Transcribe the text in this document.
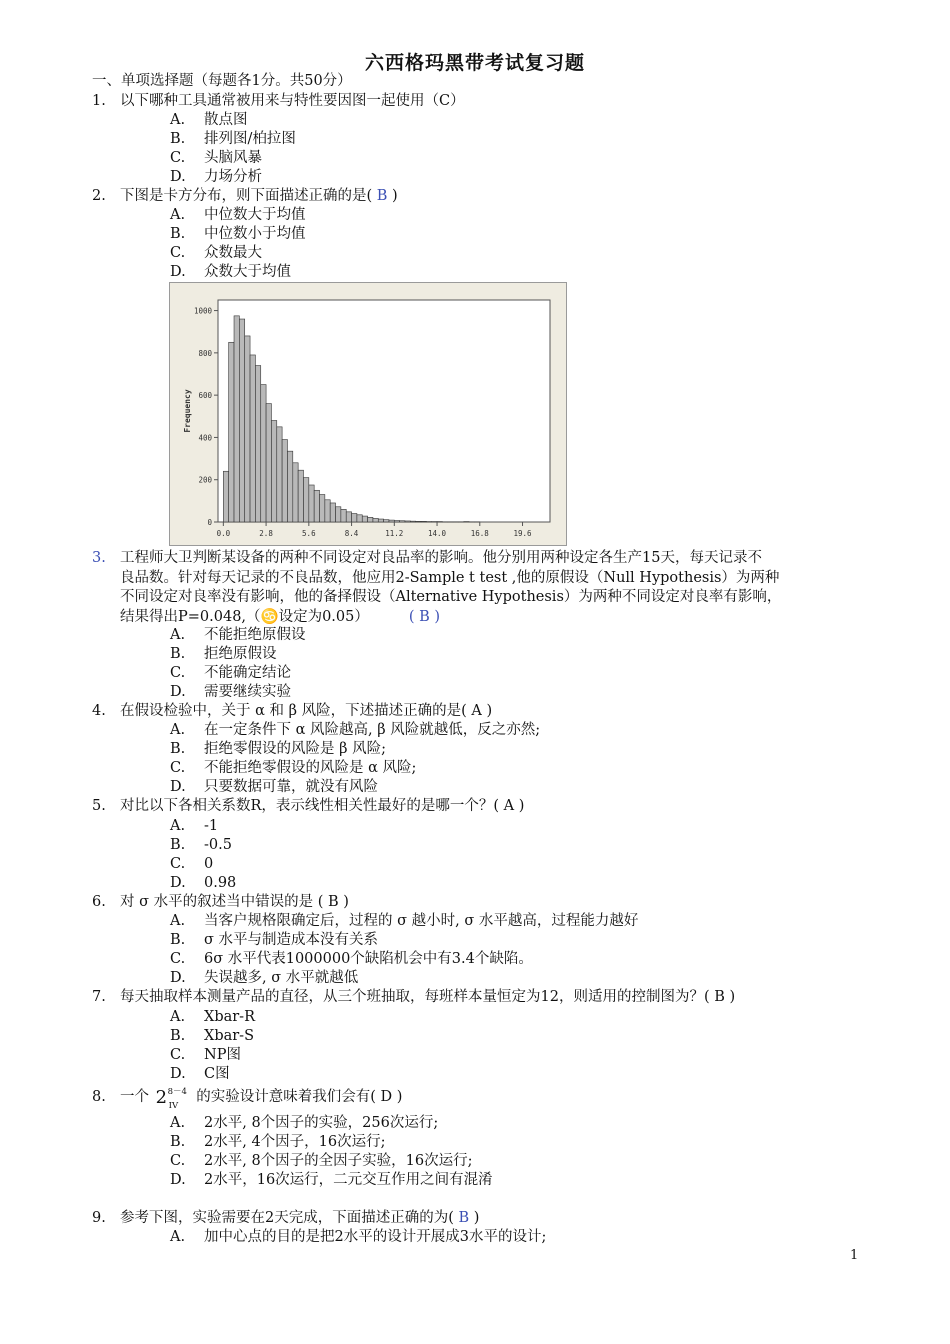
六西格玛黑带考试复习题
一、单项选择题（每题各1分。共50分）
1. 以下哪种工具通常被用来与特性要因图一起使用（C）
A. 散点图
B. 排列图/柏拉图
C. 头脑风暴
D. 力场分析
2. 下图是卡方分布，则下面描述正确的是( B )
A. 中位数大于均值
B. 中位数小于均值
C. 众数最大
D. 众数大于均值
0
200
400
600
800
1000
0.0	2.8	5.6	8.4	11.2	14.0	16.8	19.6
Frequency
3. 工程师大卫判断某设备的两种不同设定对良品率的影响。他分别用两种设定各生产15天，每天记录不
良品数。针对每天记录的不良品数，他应用2-Sample t test ,他的原假设（Null Hypothesis）为两种
不同设定对良率没有影响，他的备择假设（Alternative Hypothesis）为两种不同设定对良率有影响，
结果得出P=0.048,（♋设定为0.05）	( B )
A. 不能拒绝原假设
B. 拒绝原假设
C. 不能确定结论
D. 需要继续实验
4. 在假设检验中，关于 α 和 β 风险，下述描述正确的是( A )
A. 在一定条件下 α 风险越高, β 风险就越低，反之亦然;
B. 拒绝零假设的风险是 β 风险;
C. 不能拒绝零假设的风险是 α 风险;
D. 只要数据可靠，就没有风险
5. 对比以下各相关系数R，表示线性相关性最好的是哪一个？( A )
A. -1
B. -0.5
C. 0
D. 0.98
6. 对 σ 水平的叙述当中错误的是 ( B )
A. 当客户规格限确定后，过程的 σ 越小时, σ 水平越高，过程能力越好
B. σ 水平与制造成本没有关系
C. 6σ 水平代表1000000个缺陷机会中有3.4个缺陷。
D. 失误越多, σ 水平就越低
7. 每天抽取样本测量产品的直径，从三个班抽取，每班样本量恒定为12，则适用的控制图为？( B )
A. Xbar-R
B. Xbar-S
C. NP图
D. C图
8. 一个 2 8－4
IV
的实验设计意味着我们会有( D )
A. 2水平, 8个因子的实验，256次运行;
B. 2水平, 4个因子，16次运行;
C. 2水平, 8个因子的全因子实验，16次运行;
D. 2水平，16次运行，二元交互作用之间有混淆
9. 参考下图，实验需要在2天完成，下面描述正确的为( B )
A. 加中心点的目的是把2水平的设计开展成3水平的设计;
1
